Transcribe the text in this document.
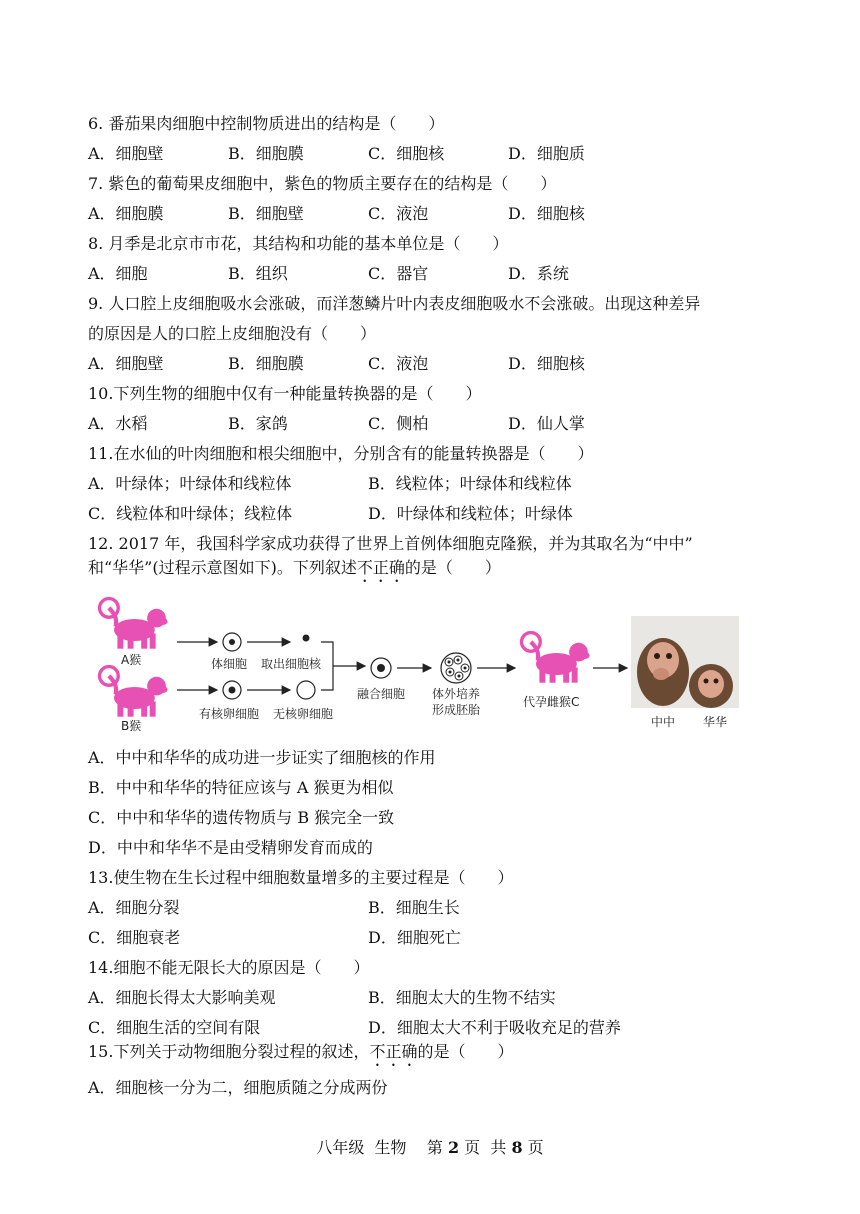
6. 番茄果肉细胞中控制物质进出的结构是（　　）
A．细胞壁	B．细胞膜	C．细胞核	D．细胞质
7. 紫色的葡萄果皮细胞中，紫色的物质主要存在的结构是（　　）
A．细胞膜	B．细胞壁	C．液泡	D．细胞核
8. 月季是北京市市花，其结构和功能的基本单位是（　　）
A．细胞	B．组织	C．器官	D．系统
9. 人口腔上皮细胞吸水会涨破，而洋葱鳞片叶内表皮细胞吸水不会涨破。出现这种差异
的原因是人的口腔上皮细胞没有（　　）
A．细胞壁	B．细胞膜	C．液泡	D．细胞核
10.下列生物的细胞中仅有一种能量转换器的是（　　）
A．水稻	B．家鸽	C．侧柏	D．仙人掌
11.在水仙的叶肉细胞和根尖细胞中，分别含有的能量转换器是（　　）
A．叶绿体；叶绿体和线粒体	B．线粒体；叶绿体和线粒体
C．线粒体和叶绿体；线粒体	D．叶绿体和线粒体；叶绿体
12. 2017 年，我国科学家成功获得了世界上首例体细胞克隆猴，并为其取名为“中中”
和“华华”(过程示意图如下)。下列叙述不正确的是（　　）
A猴
B猴
体细胞 取出细胞核
有核卵细胞 无核卵细胞
融合细胞 体外培养
形成胚胎
代孕雌猴C
中中 华华
A．中中和华华的成功进一步证实了细胞核的作用
B．中中和华华的特征应该与 A 猴更为相似
C．中中和华华的遗传物质与 B 猴完全一致
D．中中和华华不是由受精卵发育而成的
13.使生物在生长过程中细胞数量增多的主要过程是（　　）
A．细胞分裂	B．细胞生长
C．细胞衰老	D．细胞死亡
14.细胞不能无限长大的原因是（　　）
A．细胞长得太大影响美观	B．细胞太大的生物不结实
C．细胞生活的空间有限	D．细胞太大不利于吸收充足的营养
15.下列关于动物细胞分裂过程的叙述，不正确的是（　　）
A．细胞核一分为二，细胞质随之分成两份
八年级  生物    第 2 页  共 8 页
